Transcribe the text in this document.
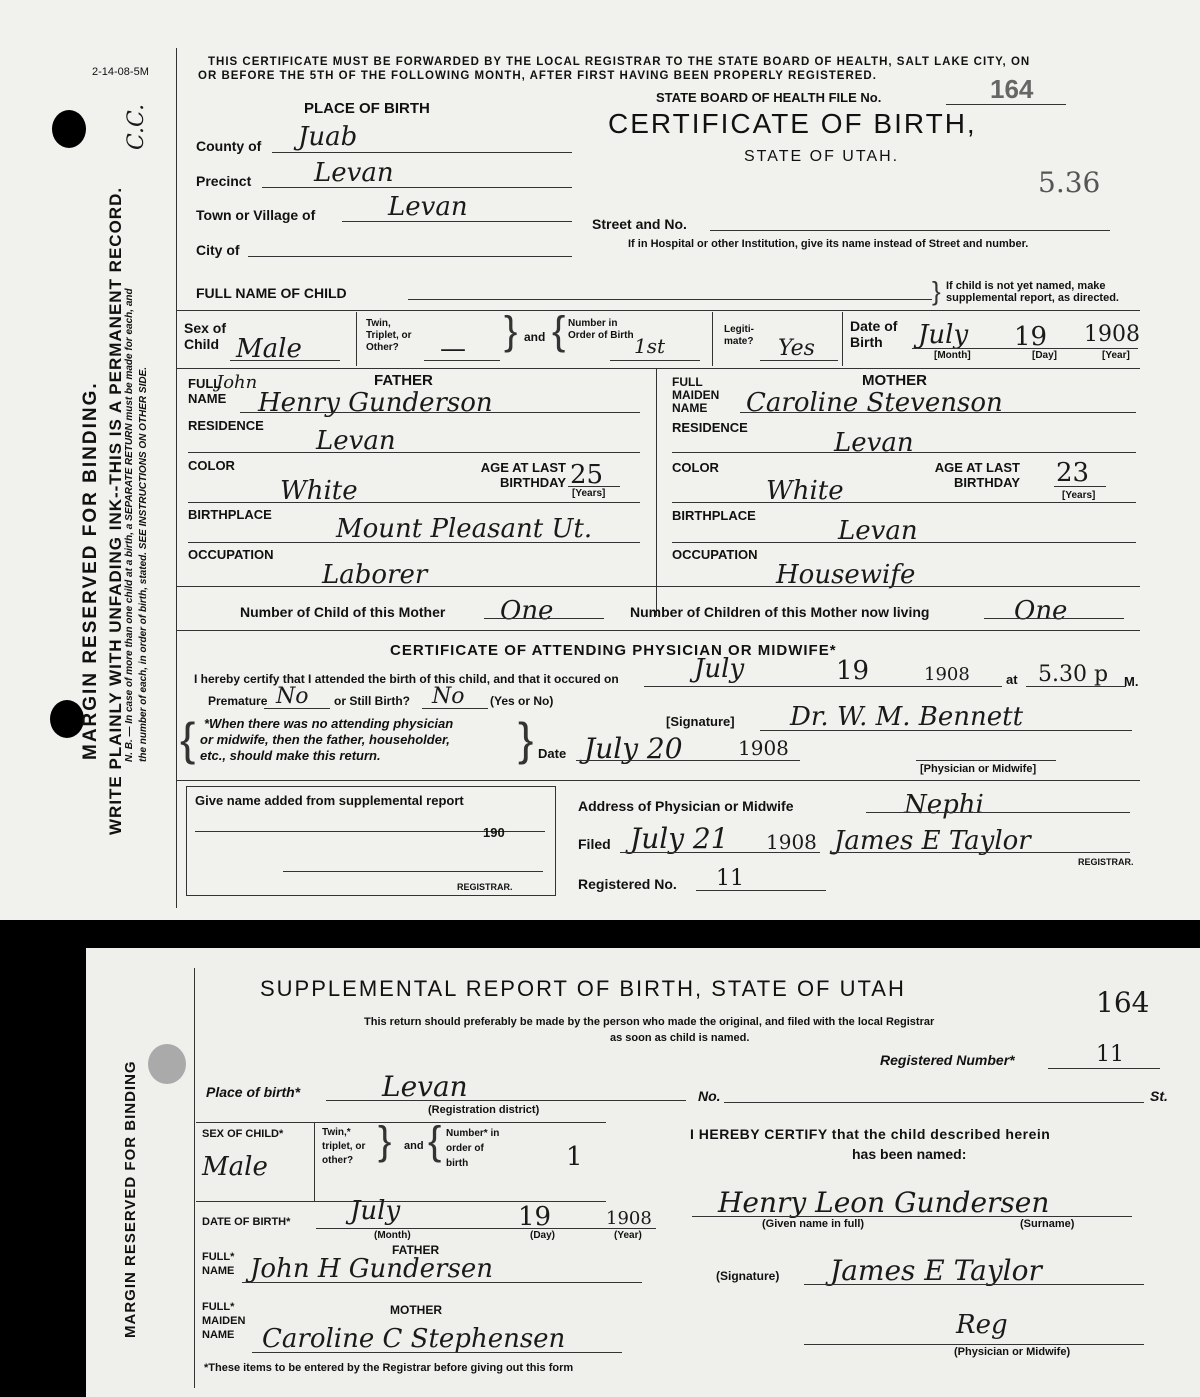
2-14-08-5M
MARGIN RESERVED FOR BINDING. WRITE PLAINLY WITH UNFADING INK--THIS IS A PERMANENT RECORD. N. B. — In case of more than one child at a birth, a SEPARATE RETURN must be made for each, and the number of each, in order of birth, stated. SEE INSTRUCTIONS ON OTHER SIDE.
C.C.
THIS CERTIFICATE MUST BE FORWARDED BY THE LOCAL REGISTRAR TO THE STATE BOARD OF HEALTH, SALT LAKE CITY, ON
OR BEFORE THE 5TH OF THE FOLLOWING MONTH, AFTER FIRST HAVING BEEN PROPERLY REGISTERED.
STATE BOARD OF HEALTH FILE No.	164
CERTIFICATE OF BIRTH,
STATE OF UTAH.
5.36
PLACE OF BIRTH
County of Juab
Precinct Levan
Town or Village of	Levan
City of
Street and No.
If in Hospital or other Institution, give its name instead of Street and number.
FULL NAME OF CHILD	} If child is not yet named, make
supplemental report, as directed.
Sex of Child Male
Twin, Triplet, or Other?	— } and { Number in Order of Birth 1st
Legiti-mate?	Yes
Date of Birth	July 19 1908
[Month]	[Day]	[Year]
FATHER
FULL NAME
John
Henry Gunderson
RESIDENCE
Levan
COLOR
White
AGE AT LAST BIRTHDAY 25
[Years]
BIRTHPLACE Mount Pleasant Ut.
OCCUPATION
Laborer
MOTHER
FULL MAIDEN NAME	Caroline Stevenson
RESIDENCE
Levan
COLOR
White
AGE AT LAST BIRTHDAY 23
[Years]
BIRTHPLACE
Levan
OCCUPATION
Housewife
Number of Child of this Mother One	Number of Children of this Mother now living	One
CERTIFICATE OF ATTENDING PHYSICIAN OR MIDWIFE*
I hereby certify that I attended the birth of this child, and that it occured on	July	19	1908	at 5.30 p M.
Premature No or Still Birth? No (Yes or No)
{ *When there was no attending physician
or midwife, then the father, householder,
etc., should make this return.	}	[Signature] Dr. W. M. Bennett
Date July 20	1908
[Physician or Midwife]
Give name added from supplemental report
190
REGISTRAR.
Address of Physician or Midwife	Nephi
Filed July 21 1908 James E Taylor
REGISTRAR.
Registered No. 11
MARGIN RESERVED FOR BINDING
SUPPLEMENTAL REPORT OF BIRTH, STATE OF UTAH	164
This return should preferably be made by the person who made the original, and filed with the local Registrar
as soon as child is named.
Registered Number*	11
Place of birth*	Levan
(Registration district)
No.	St.
SEX OF CHILD*
Male
Twin,* triplet, or other? } and { Number* in order of birth	1
DATE OF BIRTH* July	19	1908
(Month)	(Day)	(Year)
FATHER
FULL* NAME John H Gundersen
MOTHER
FULL* MAIDEN NAME	Caroline C Stephensen
*These items to be entered by the Registrar before giving out this form
I HEREBY CERTIFY that the child described herein
has been named:
Henry Leon Gundersen
(Given name in full)	(Surname)
(Signature) James E Taylor
Reg
(Physician or Midwife)
